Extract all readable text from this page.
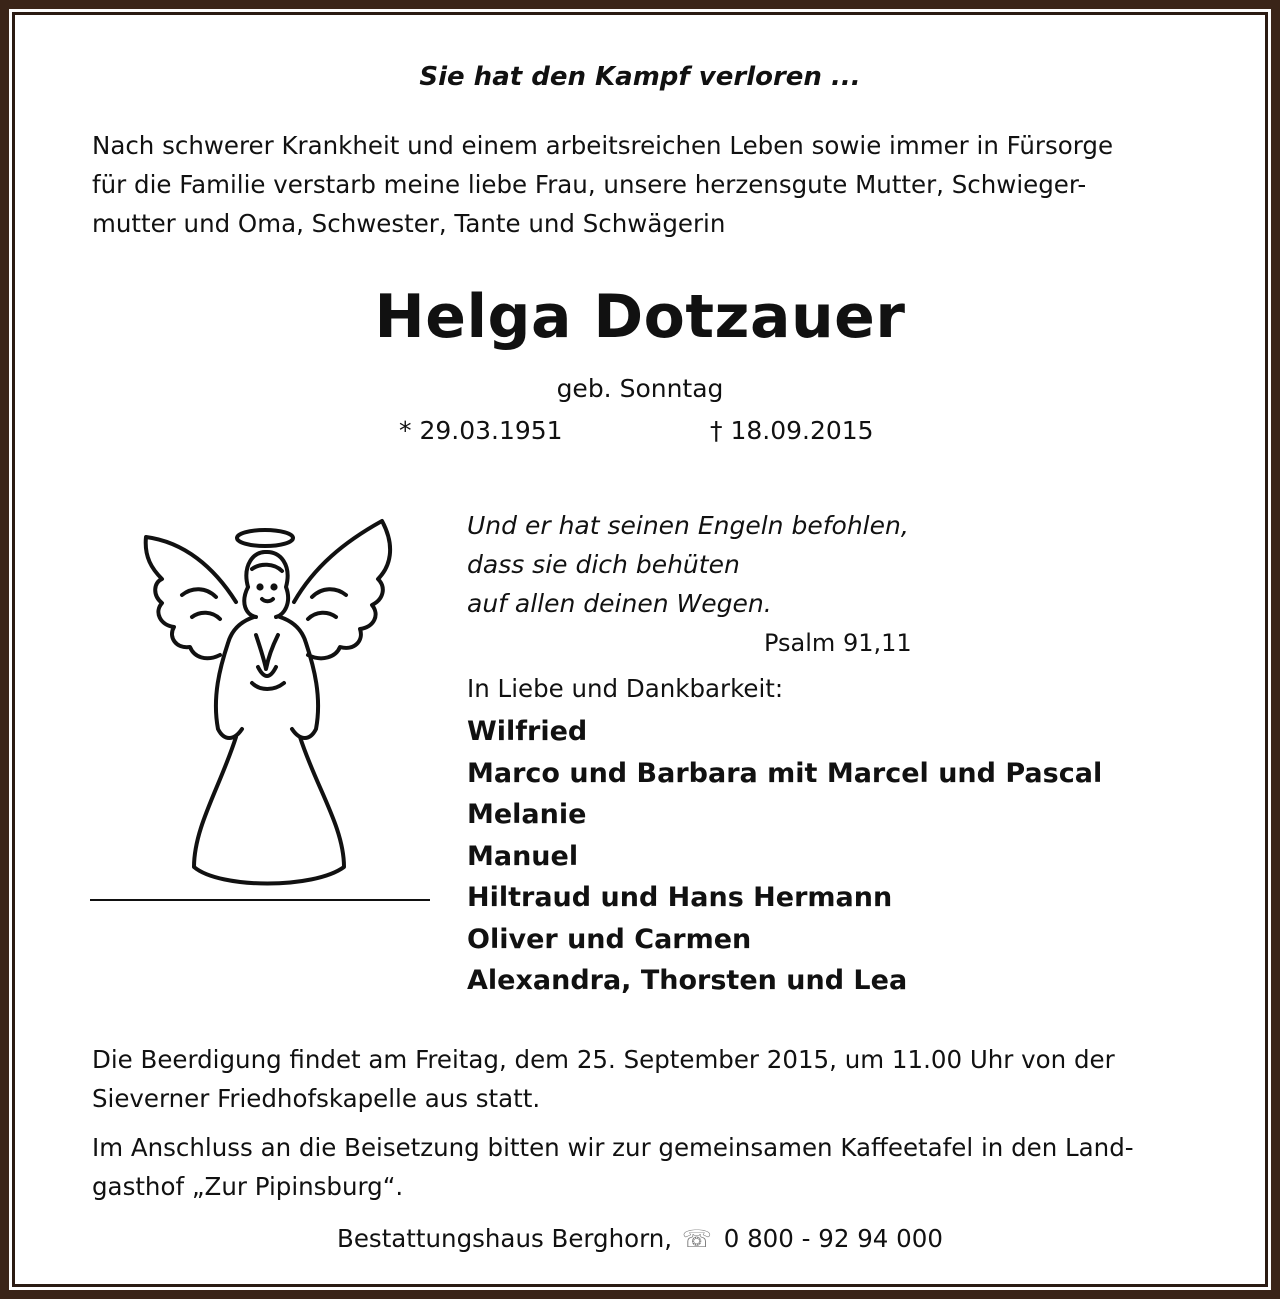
Sie hat den Kampf verloren ...
Nach schwerer Krankheit und einem arbeitsreichen Leben sowie immer in Fürsorge
für die Familie verstarb meine liebe Frau, unsere herzensgute Mutter, Schwieger-
mutter und Oma, Schwester, Tante und Schwägerin
Helga Dotzauer
geb. Sonntag
* 29.03.1951	† 18.09.2015
Und er hat seinen Engeln befohlen,
dass sie dich behüten
auf allen deinen Wegen.
Psalm 91,11
In Liebe und Dankbarkeit:
Wilfried
Marco und Barbara mit Marcel und Pascal
Melanie
Manuel
Hiltraud und Hans Hermann
Oliver und Carmen
Alexandra, Thorsten und Lea
Die Beerdigung findet am Freitag, dem 25. September 2015, um 11.00 Uhr von der
Sieverner Friedhofskapelle aus statt.
Im Anschluss an die Beisetzung bitten wir zur gemeinsamen Kaffeetafel in den Land-
gasthof „Zur Pipinsburg“.
Bestattungshaus Berghorn, ☏ 0 800 - 92 94 000
